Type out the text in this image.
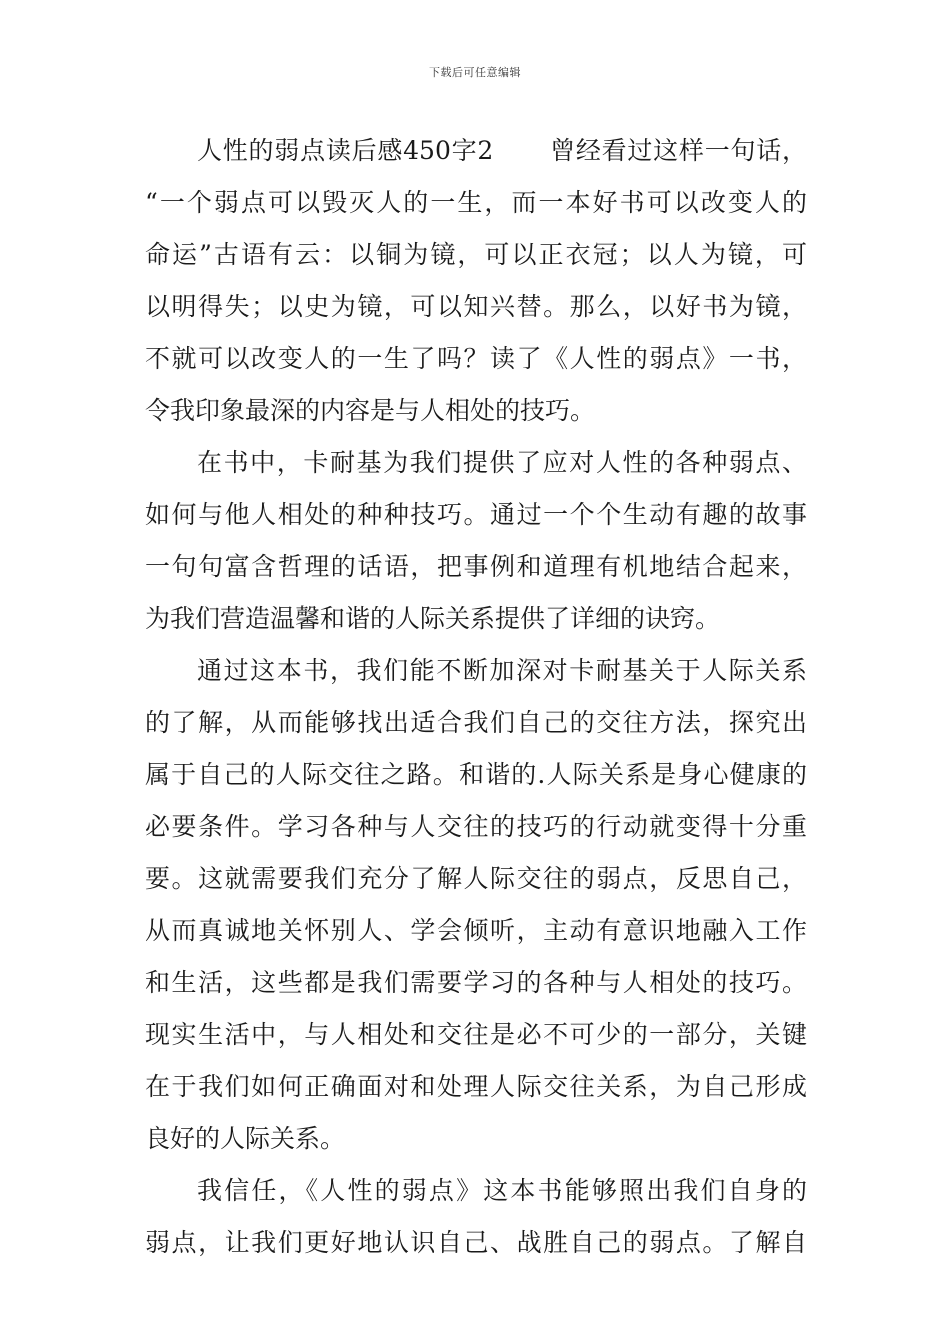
下载后可任意编辑
人性的弱点读后感450字2 曾经看过这样一句话，
“一个弱点可以毁灭人的一生，而一本好书可以改变人的
命运”古语有云：以铜为镜，可以正衣冠；以人为镜，可
以明得失；以史为镜，可以知兴替。那么，以好书为镜，
不就可以改变人的一生了吗？读了《人性的弱点》一书，
令我印象最深的内容是与人相处的技巧。
在书中，卡耐基为我们提供了应对人性的各种弱点、
如何与他人相处的种种技巧。通过一个个生动有趣的故事
一句句富含哲理的话语，把事例和道理有机地结合起来，
为我们营造温馨和谐的人际关系提供了详细的诀窍。
通过这本书，我们能不断加深对卡耐基关于人际关系
的了解，从而能够找出适合我们自己的交往方法，探究出
属于自己的人际交往之路。和谐的.人际关系是身心健康的
必要条件。学习各种与人交往的技巧的行动就变得十分重
要。这就需要我们充分了解人际交往的弱点，反思自己，
从而真诚地关怀别人、学会倾听，主动有意识地融入工作
和生活，这些都是我们需要学习的各种与人相处的技巧。
现实生活中，与人相处和交往是必不可少的一部分，关键
在于我们如何正确面对和处理人际交往关系，为自己形成
良好的人际关系。
我信任，《人性的弱点》这本书能够照出我们自身的
弱点，让我们更好地认识自己、战胜自己的弱点。了解自
